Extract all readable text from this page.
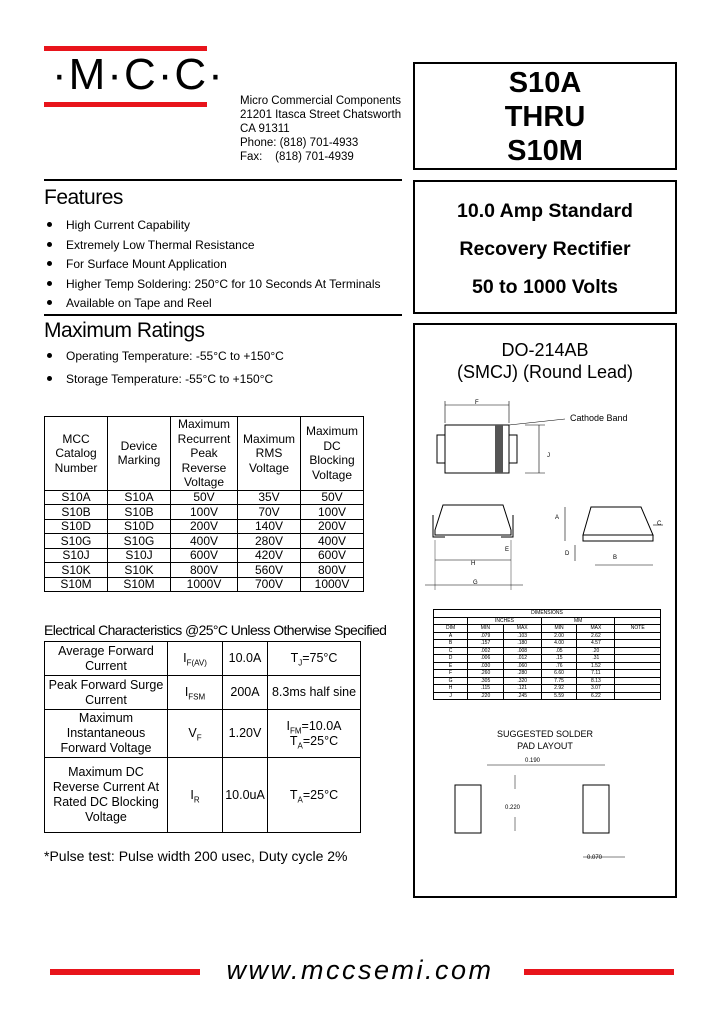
·M·C·C·
Micro Commercial Components
21201 Itasca Street Chatsworth
CA 91311
Phone: (818) 701-4933
Fax:    (818) 701-4939
S10A
THRU
S10M
10.0 Amp Standard
Recovery Rectifier
50 to 1000 Volts
Features
High Current Capability
Extremely Low Thermal Resistance
For Surface Mount Application
Higher Temp Soldering: 250°C for 10 Seconds At Terminals
Available on Tape and Reel
Maximum Ratings
Operating Temperature: -55°C to +150°C
Storage Temperature: -55°C to +150°C
MCC Catalog Number	Device Marking	Maximum Recurrent Peak Reverse Voltage	Maximum RMS Voltage	Maximum DC Blocking Voltage
S10A	S10A	50V	35V	50V
S10B	S10B	100V	70V	100V
S10D	S10D	200V	140V	200V
S10G	S10G	400V	280V	400V
S10J	S10J	600V	420V	600V
S10K	S10K	800V	560V	800V
S10M	S10M	1000V	700V	1000V
Electrical Characteristics @25°C Unless Otherwise Specified
Average Forward Current	$I_{F(AV)}$	10.0A	$T_J=75^\circ C$
Peak Forward Surge Current	$I_{FSM}$	200A	8.3ms half sine
Maximum Instantaneous Forward Voltage	$V_F$	1.20V	$I_{FM}=10.0A$
$T_A=25^\circ C$
Maximum DC Reverse Current At Rated DC Blocking Voltage	$I_R$	10.0uA	$T_A=25^\circ C$
*Pulse test: Pulse width 200 usec, Duty cycle 2%
DO-214AB
(SMCJ) (Round Lead)
Cathode Band
F
J
A
C
E
D
B
H
G
DIMENSIONS					
	INCHES		MM		
DIM	MIN	MAX	MIN	MAX	NOTE
A	.079	.103	2.00	2.62	
B	.157	.180	4.00	4.57	
C	.002	.008	.05	.20	
D	.006	.012	.15	.31	
E	.030	.060	.76	1.52	
F	.260	.280	6.60	7.11	
G	.305	.320	7.75	8.13	
H	.115	.121	2.92	3.07	
J	.220	.245	5.59	6.22	
SUGGESTED SOLDER
PAD LAYOUT
0.190
0.220
0.070
www.mccsemi.com
